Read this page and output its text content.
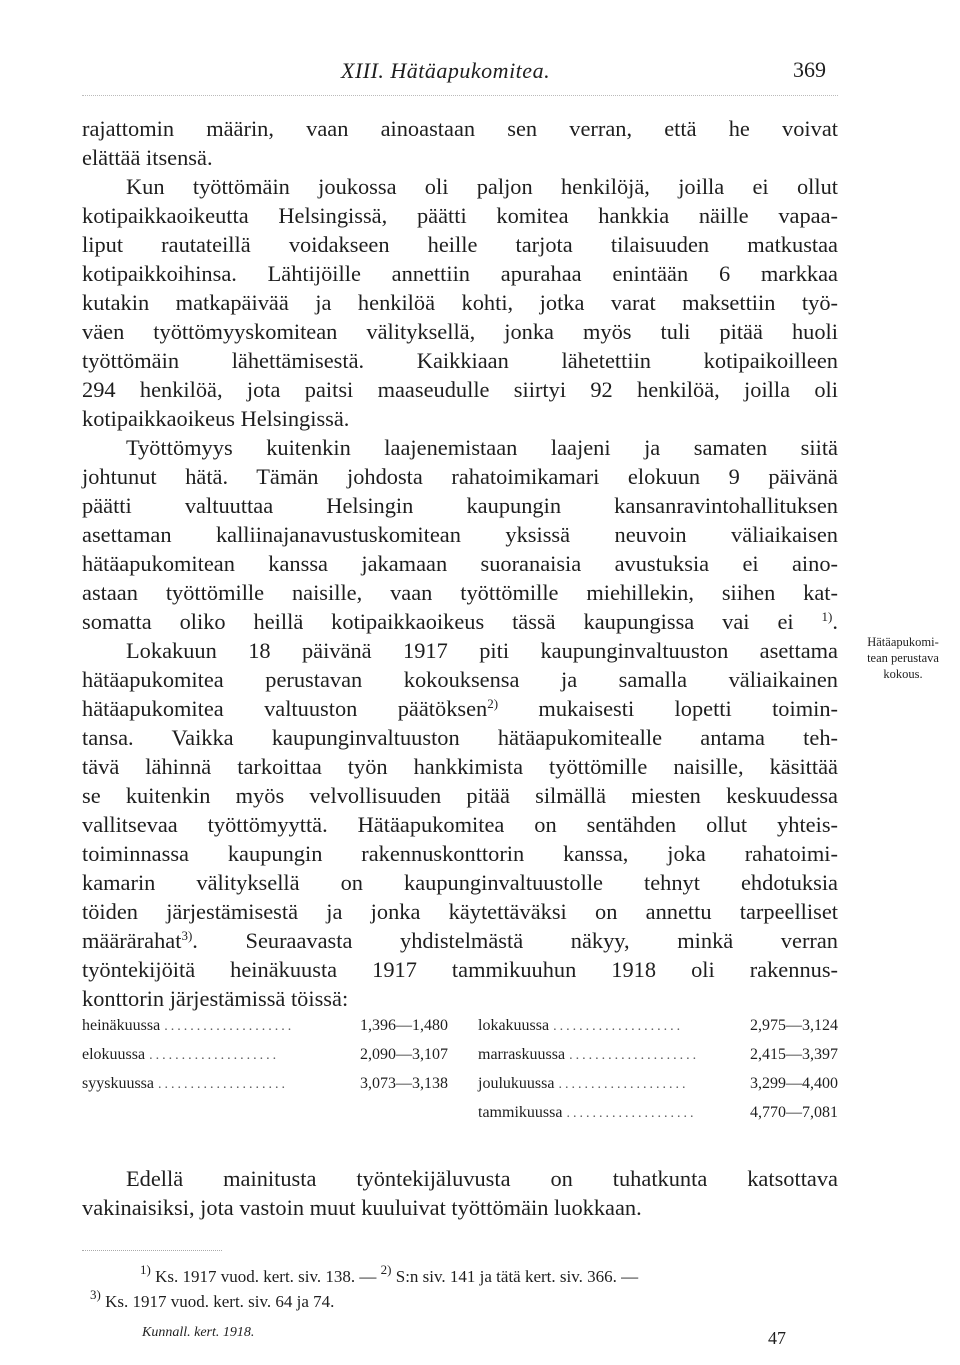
XIII. Hätäapukomitea.	369
rajattomin määrin, vaan ainoastaan sen verran, että he voivat
elättää itsensä.
Kun työttömäin joukossa oli paljon henkilöjä, joilla ei ollut
kotipaikkaoikeutta Helsingissä, päätti komitea hankkia näille vapaa-
liput rautateillä voidakseen heille tarjota tilaisuuden matkustaa
kotipaikkoihinsa. Lähtijöille annettiin apurahaa enintään 6 markkaa
kutakin matkapäivää ja henkilöä kohti, jotka varat maksettiin työ-
väen työttömyyskomitean välityksellä, jonka myös tuli pitää huoli
työttömäin lähettämisestä. Kaikkiaan lähetettiin kotipaikoilleen
294 henkilöä, jota paitsi maaseudulle siirtyi 92 henkilöä, joilla oli
kotipaikkaoikeus Helsingissä.
Työttömyys kuitenkin laajenemistaan laajeni ja samaten siitä
johtunut hätä. Tämän johdosta rahatoimikamari elokuun 9 päivänä
päätti valtuuttaa Helsingin kaupungin kansanravintohallituksen
asettaman kalliinajanavustuskomitean yksissä neuvoin väliaikaisen
hätäapukomitean kanssa jakamaan suoranaisia avustuksia ei aino-
astaan työttömille naisille, vaan työttömille miehillekin, siihen kat-
somatta oliko heillä kotipaikkaoikeus tässä kaupungissa vai ei $^{1)}$.
Lokakuun 18 päivänä 1917 piti kaupunginvaltuuston asettama
hätäapukomitea perustavan kokouksensa ja samalla väliaikainen
hätäapukomitea valtuuston päätöksen$^{2)}$ mukaisesti lopetti toimin-
tansa. Vaikka kaupunginvaltuuston hätäapukomitealle antama teh-
tävä lähinnä tarkoittaa työn hankkimista työttömille naisille, käsittää
se kuitenkin myös velvollisuuden pitää silmällä miesten keskuudessa
vallitsevaa työttömyyttä. Hätäapukomitea on sentähden ollut yhteis-
toiminnassa kaupungin rakennuskonttorin kanssa, joka rahatoimi-
kamarin välityksellä on kaupunginvaltuustolle tehnyt ehdotuksia
töiden järjestämisestä ja jonka käytettäväksi on annettu tarpeelliset
määrärahat$^{3)}$. Seuraavasta yhdistelmästä näkyy, minkä verran
työntekijöitä heinäkuusta 1917 tammikuuhun 1918 oli rakennus-
konttorin järjestämissä töissä:
Hätäapukomi-
tean perustava
kokous.
heinäkuussa ....................	1,396—1,480
elokuussa ....................	2,090—3,107
syyskuussa ....................	3,073—3,138
lokakuussa ....................	2,975—3,124
marraskuussa ....................	2,415—3,397
joulukuussa ....................	3,299—4,400
tammikuussa ....................	4,770—7,081
Edellä mainitusta työntekijäluvusta on tuhatkunta katsottava
vakinaisiksi, jota vastoin muut kuuluivat työttömäin luokkaan.
$^{1)}$ Ks. 1917 vuod. kert. siv. 138. — $^{2)}$ S:n siv. 141 ja tätä kert. siv. 366. —
$^{3)}$ Ks. 1917 vuod. kert. siv. 64 ja 74.
Kunnall. kert. 1918.	47
